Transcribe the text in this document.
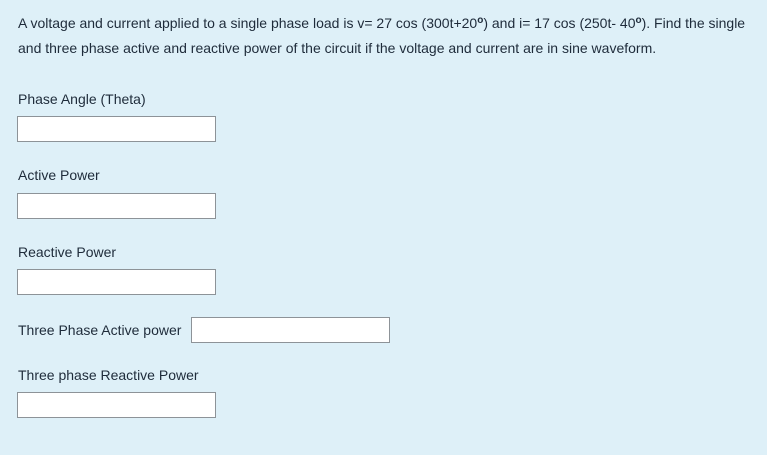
A voltage and current applied to a single phase load is v= 27 $\cos (300t+20^o)$ and i= 17 cos (250t- 40$^o$). Find the single and three phase active and reactive power of the circuit if the voltage and current are in sine waveform.

Phase Angle (Theta)
Active Power
Reactive Power
Three Phase Active power
Three phase Reactive Power
